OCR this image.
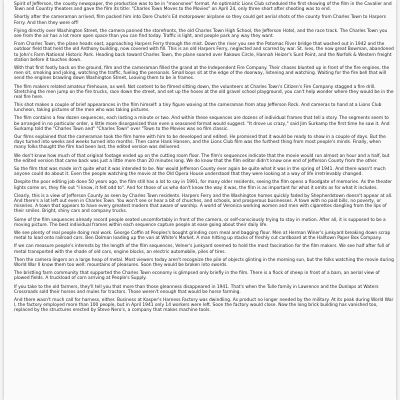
Spirit of Jefferson, the county newspaper, the production was to be in "moonsnee" format. An optimistic Lions Club scheduled the first showing of the film in the Cavalier and Town and Country theaters and gave the film its title: "Charles Town Moves to the Movies" on April 24, only three short after shooting was to end.

Shortly after the cameraman arrived, film packed him into Dore Chute's Ed motorpower airplane so they could get aerial shots of the county from Charles Town to Harpers Ferry. And then they were off!

Flying directly over Washington Street, the camera panned the storefronts, the old Charles Town High School, the Jefferson Hotel, and the race track. The Charles Town you see from the air has a lot more open space than you can find today. Traffic is light, and people park any way they want.

From Charles Town, the plane heads east, approaching Harpers Ferry through the mist. Down the river you see the Potomac River bridge that washed out in 1942 and the outdoor field that held the old Anthony building, now covered with fill. This is an old Harpers Ferry, neglected and scarred by war. St. Ives, the now great Bowman, abandoned to John's Farm National Historic Park. Heading back toward Charles Town, the plane soared over Rakows Circle, Hannah Heizer's Sunt Point, and the Norfolk & Western freight station before it touches down.

With that first footly back on the ground, film and the cameraman filled the grand at the Independent Fire Company. Their chases blunted up in front of the fire engines, the men sit, smoking and joking, watching the traffic, fueling the personals. Small boys sit at the edge of the doorway, listening and watching. Waiting for the fire bell that will send the engines brawling down Washington Street, Leaving them to be in frames.

The film makers related amateur firehouse, as well. Not content to be filmed sitting down, the volunteers at Charles Town's Citizen's Fire Company stagged a fire drill. Stretching the men jump on the fire trucks, race down the street, and set up the hoses at the old gravel school playground, you can't help wonder where they would be in the real fire here.

This shot makes a couple of brief appearances in the film himself: a tiny figure waving at the cameraman from atop Jefferson Rock. And cameras to hand at a Lions Club luncheon, taking pictures of the men who was taking pictures.

The film contains a few dozen sequences, each lasting a minute or two. And within these sequences are dozens of individual frames that tell a story. The segments seem to be arranged in no particular order, a little more disorganized than even a seasoned format would suggest. "It drove us crazy," said Jim Surkamp the first time he saw it. And Surkamp told the "Charles Town and" "Charles Town" over "Town to the Movies was no film classic.

Our films explained that the cameraman took the film home with him to be developed and edited. He promised that it would be ready to show in a couple of days. But the days turned into weeks and weeks turned into months. Then came Hank Hansen, and the Lions Club film was the furthest thing from most people's minds. Finally, when many folks thought the film had been lost, the edited version was delivered.

We don't know how much of that original footage ended up on the cutting room floor. The film's sequences indicate that the movie would run almost an hour and a half, but the edited version that came back was just a little more than 20 minutes long. We do know that the film editor didn't know one end of Jefferson County from the other.

So the film that was made isn't quite what it was intended to be. Nor would Jefferson County ever again be quite what it was in the spring of 1941. And there wasn't much anyone could do about it. Even the people watching the movie at the Old Opera House understood that they were looking at a way of life irretrievably changed.

Despite the poor editing job done 50 years ago, the film still has a lot to say in 1991, for many older residents, seeing the film opens a floodgate of memories. As the theater lights come on, they file out "I know, it felt odd to". And for those of us who don't know the way it was, the film is as important for what it omits as for what it includes.

Clearly, this is a view of Jefferson County as seen by Charles Town residents. Harpers Ferry and the Washington homes quickly faded by Shepherdstown doesn't appear at all. And there's a lot left out even in Charles Town. You won't see or hear a bit of churches, and schools, and prosperous businesses. A town with no paid bills, no poverty, or miseries. A town that appears to have every greatest modern that aware of worship. A world of Veronica working women and men with cigarettes dangling from the lips of their smiles. Bright, shiny cars and company trucks.

Some of the film sequences already record people seated uncomfortably in front of the camera, or self-consciously trying to stay in motion. After all, it is supposed to be a moving picture. The best individual frames within each sequence capture people at ease going about their daily life.

We see plenty of real people doing real work. George Coffin at Peoples's bought grinding corn meal and bagging flour. Men at Herman Winer's junkyard breaking down scrap metal to load onto railroad cars. Ben Dolman loading up the van at White's Market. A man hitting up stacks of freshly cut cardboard at the Halltown Paper Box Company.

If we can measure people's interests by the length of the film sequences, Velner's junkyard seemed to hold the most fascination for the film makers. We see half after full of metal transported with the shade of old cars, engine blocks, an electric automobile, piles of tires.

Then the camera lingers on a large heap of metal. Most viewers today aren't recognize the pile of objects glinting in the morning sun, but the folks watching the movie during World War II know them too well: mountains of pleasures. Soon they would be broken into swords.

The bristling farm community that supported the Charles Town economy is glimpsed only briefly in the film. There is a flock of sheep in front of a barn, an aerial view of plowed fields. A truckload of corn arriving at People's Supply.

If you take to the old farmers, they'll tell you that more than those gleanness disappeared in 1941. That's when the Tulle family in Lawrence and the Dunlaps at Waters Crossroads sold their horses and mules for tractors. Those weren't enough that would be horse farming.

And there wasn't much call for harness, either. Business at Kasper's Harness Factory was dwindling. As product no longer needed by the military. At its peak during World War I, the factory employed more than 100 people, but in April 1941 only 14 workers were left. Soon the factory would close. Now the long brick building has vanished too, replaced by the structures erected by Steve Nero's, a company that makes machine tools.
